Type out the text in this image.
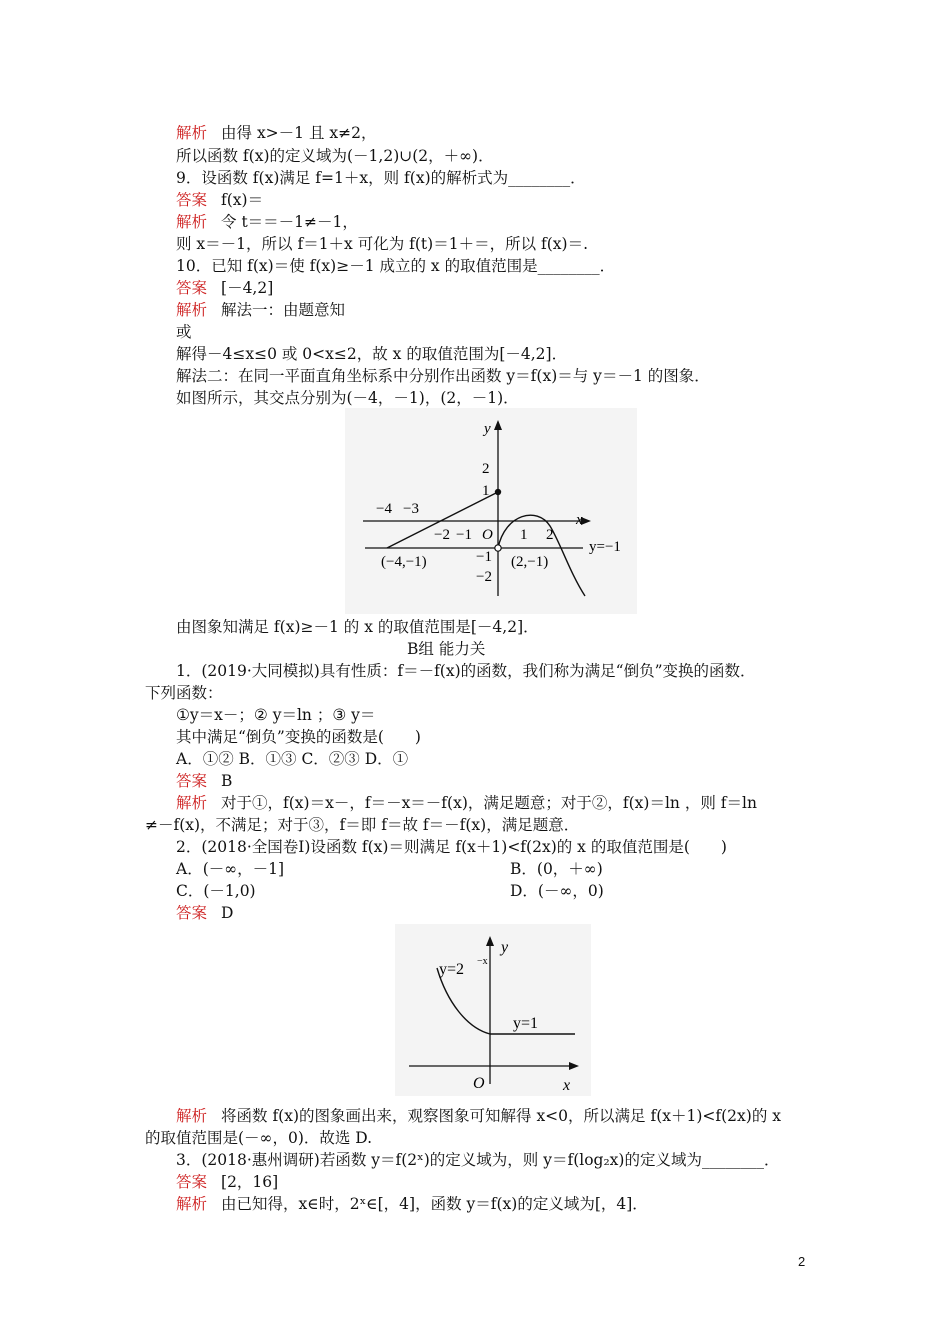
解析 由得 x>－1 且 x≠2，
所以函数 f(x)的定义域为(－1,2)∪(2，＋∞)．
9．设函数 f(x)满足 f=1＋x，则 f(x)的解析式为________．
答案 f(x)＝
解析 令 t＝＝－1≠－1，
则 x＝－1，所以 f＝1＋x 可化为 f(t)＝1＋＝，所以 f(x)＝.
10．已知 f(x)＝使 f(x)≥－1 成立的 x 的取值范围是________．
答案 [－4,2]
解析 解法一：由题意知
或
解得－4≤x≤0 或 0<x≤2，故 x 的取值范围为[－4,2]．
解法二：在同一平面直角坐标系中分别作出函数 y＝f(x)＝与 y＝－1 的图象．
如图所示，其交点分别为(－4，－1)，(2，－1)．
y
x
2
1
O 1 2
−4 −3
−2 −1
−1
−2
y=−1
(−4,−1)	(2,−1)
由图象知满足 f(x)≥－1 的 x 的取值范围是[－4,2]．
B组 能力关
1．(2019·大同模拟)具有性质：f＝－f(x)的函数，我们称为满足“倒负”变换的函数．
下列函数：
①y＝x－；② y＝ln ；③ y＝
其中满足“倒负”变换的函数是(　　)
A．①② B．①③ C．②③ D．①
答案 B
解析 对于①，f(x)＝x－，f＝－x＝－f(x)，满足题意；对于②，f(x)＝ln ，则 f＝ln
≠－f(x)，不满足；对于③，f＝即 f＝故 f＝－f(x)，满足题意．
2．(2018·全国卷Ⅰ)设函数 f(x)＝则满足 f(x＋1)<f(2x)的 x 的取值范围是(　　)
A．(－∞，－1]	B．(0，＋∞)
C．(－1,0)	D．(－∞，0)
答案 D
y
x
O
y=2 −x
y=1
解析 将函数 f(x)的图象画出来，观察图象可知解得 x<0，所以满足 f(x＋1)<f(2x)的 x
的取值范围是(－∞，0)．故选 D.
3．(2018·惠州调研)若函数 y＝f(2ˣ)的定义域为，则 y＝f(log₂x)的定义域为________．
答案 [2，16]
解析 由已知得，x∈时，2ˣ∈[，4]，函数 y＝f(x)的定义域为[，4]．
2
